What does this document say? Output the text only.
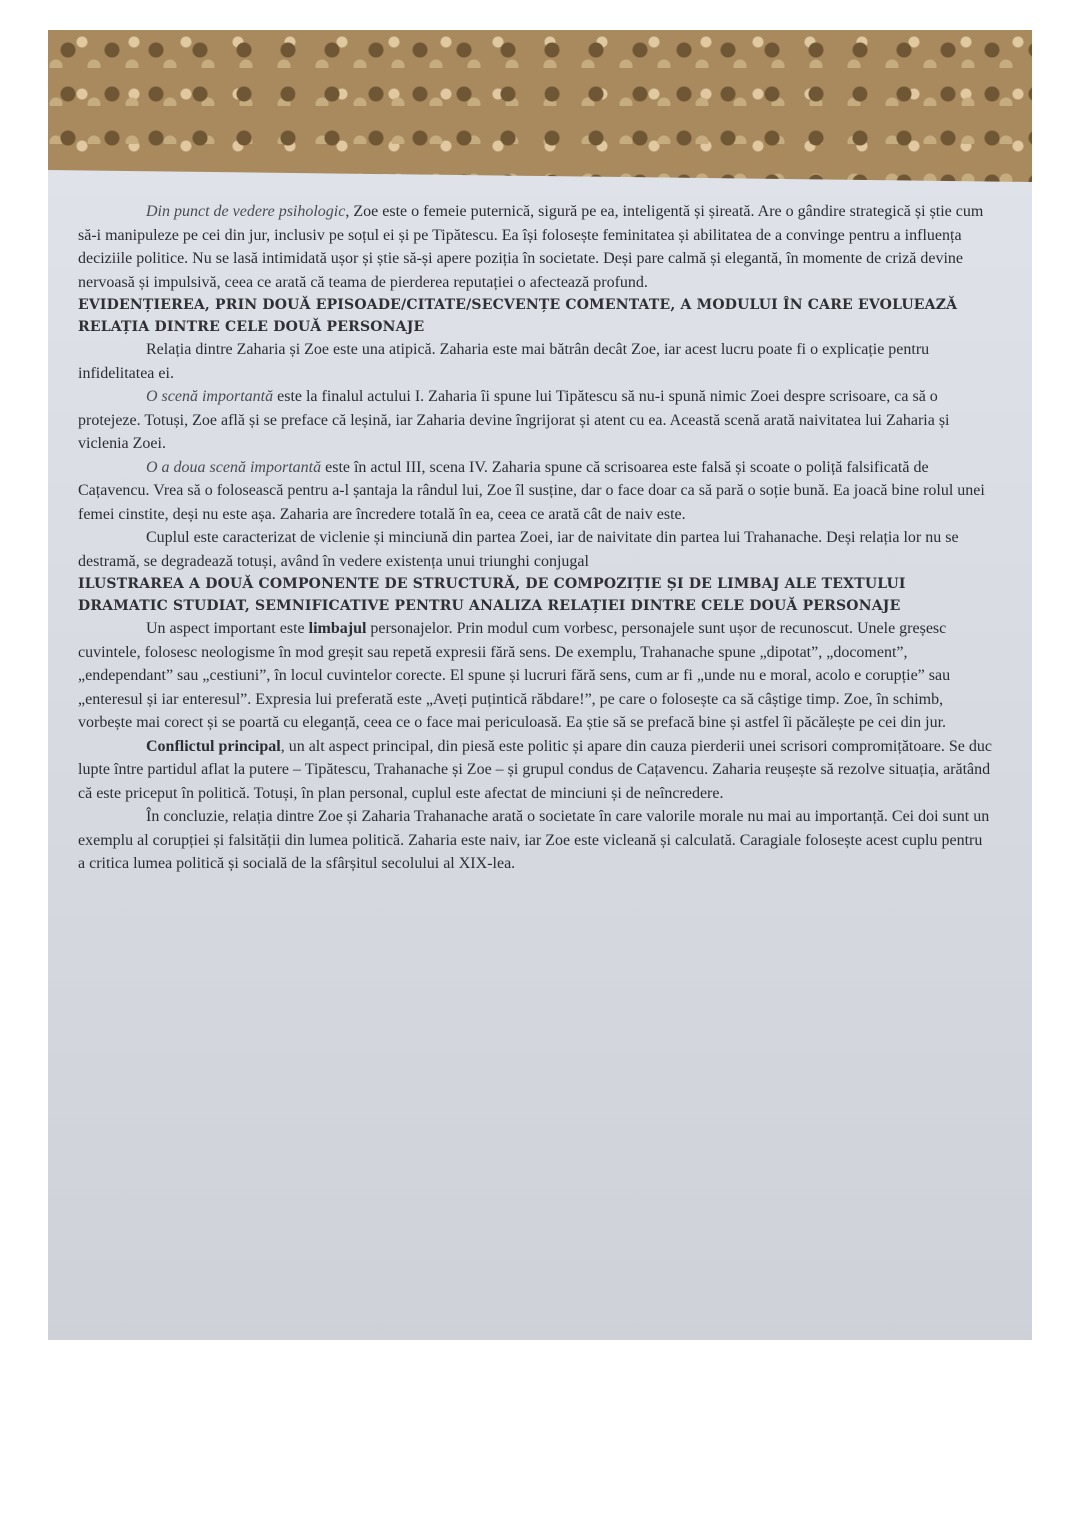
Din punct de vedere psihologic, Zoe este o femeie puternică, sigură pe ea, inteligentă și șireată. Are o gândire strategică și știe cum să-i manipuleze pe cei din jur, inclusiv pe soțul ei și pe Tipătescu. Ea își folosește feminitatea și abilitatea de a convinge pentru a influența deciziile politice. Nu se lasă intimidată ușor și știe să-și apere poziția în societate. Deși pare calmă și elegantă, în momente de criză devine nervoasă și impulsivă, ceea ce arată că teama de pierderea reputației o afectează profund.

EVIDENȚIEREA, PRIN DOUĂ EPISOADE/CITATE/SECVENȚE COMENTATE, A MODULUI ÎN CARE EVOLUEAZĂ RELAȚIA DINTRE CELE DOUĂ PERSONAJE

Relația dintre Zaharia și Zoe este una atipică. Zaharia este mai bătrân decât Zoe, iar acest lucru poate fi o explicație pentru infidelitatea ei.

O scenă importantă este la finalul actului I. Zaharia îi spune lui Tipătescu să nu-i spună nimic Zoei despre scrisoare, ca să o protejeze. Totuși, Zoe află și se preface că leșină, iar Zaharia devine îngrijorat și atent cu ea. Această scenă arată naivitatea lui Zaharia și viclenia Zoei.

O a doua scenă importantă este în actul III, scena IV. Zaharia spune că scrisoarea este falsă și scoate o poliță falsificată de Cațavencu. Vrea să o folosească pentru a-l șantaja la rândul lui, Zoe îl susține, dar o face doar ca să pară o soție bună. Ea joacă bine rolul unei femei cinstite, deși nu este așa. Zaharia are încredere totală în ea, ceea ce arată cât de naiv este.

Cuplul este caracterizat de viclenie și minciună din partea Zoei, iar de naivitate din partea lui Trahanache. Deși relația lor nu se destramă, se degradează totuși, având în vedere existența unui triunghi conjugal

ILUSTRAREA A DOUĂ COMPONENTE DE STRUCTURĂ, DE COMPOZIȚIE ȘI DE LIMBAJ ALE TEXTULUI DRAMATIC STUDIAT, SEMNIFICATIVE PENTRU ANALIZA RELAȚIEI DINTRE CELE DOUĂ PERSONAJE

Un aspect important este limbajul personajelor. Prin modul cum vorbesc, personajele sunt ușor de recunoscut. Unele greșesc cuvintele, folosesc neologisme în mod greșit sau repetă expresii fără sens. De exemplu, Trahanache spune „dipotat”, „docoment”, „endependant” sau „cestiuni”, în locul cuvintelor corecte. El spune și lucruri fără sens, cum ar fi „unde nu e moral, acolo e corupție” sau „enteresul și iar enteresul”. Expresia lui preferată este „Aveți puțintică răbdare!”, pe care o folosește ca să câștige timp. Zoe, în schimb, vorbește mai corect și se poartă cu eleganță, ceea ce o face mai periculoasă. Ea știe să se prefacă bine și astfel îi păcălește pe cei din jur.

Conflictul principal, un alt aspect principal, din piesă este politic și apare din cauza pierderii unei scrisori compromițătoare. Se duc lupte între partidul aflat la putere – Tipătescu, Trahanache și Zoe – și grupul condus de Cațavencu. Zaharia reușește să rezolve situația, arătând că este priceput în politică. Totuși, în plan personal, cuplul este afectat de minciuni și de neîncredere.

În concluzie, relația dintre Zoe și Zaharia Trahanache arată o societate în care valorile morale nu mai au importanță. Cei doi sunt un exemplu al corupției și falsității din lumea politică. Zaharia este naiv, iar Zoe este vicleană și calculată. Caragiale folosește acest cuplu pentru a critica lumea politică și socială de la sfârșitul secolului al XIX-lea.
